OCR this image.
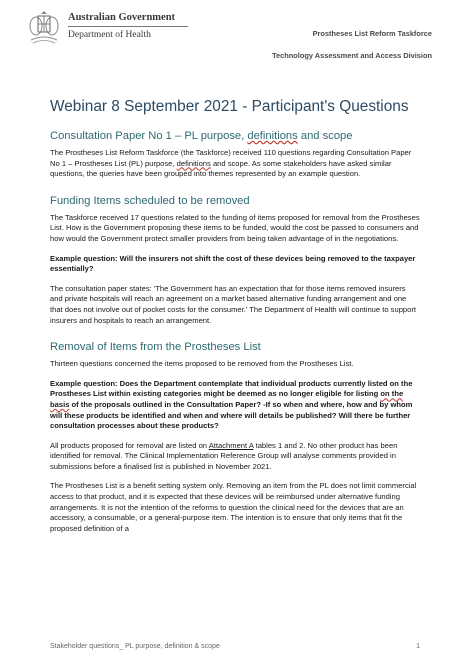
Australian Government
Department of Health	Prostheses List Reform Taskforce
Technology Assessment and Access Division
Webinar 8 September 2021 - Participant's Questions
Consultation Paper No 1 – PL purpose, definitions and scope

The Prostheses List Reform Taskforce (the Taskforce) received 110 questions regarding Consultation Paper No 1 – Prostheses List (PL) purpose, definitions and scope. As some stakeholders have asked similar questions, the queries have been grouped into themes represented by an example question.

Funding Items scheduled to be removed

The Taskforce received 17 questions related to the funding of items proposed for removal from the Prostheses List. How is the Government proposing these items to be funded, would the cost be passed to consumers and how would the Government protect smaller providers from being taken advantage of in the negotiations.

Example question: Will the insurers not shift the cost of these devices being removed to the taxpayer essentially?

The consultation paper states: 'The Government has an expectation that for those items removed insurers and private hospitals will reach an agreement on a market based alternative funding arrangement and one that does not involve out of pocket costs for the consumer.' The Department of Health will continue to support insurers and hospitals to reach an arrangement.

Removal of Items from the Prostheses List

Thirteen questions concerned the items proposed to be removed from the Prostheses List.

Example question: Does the Department contemplate that individual products currently listed on the Prostheses List within existing categories might be deemed as no longer eligible for listing on the basis of the proposals outlined in the Consultation Paper? -If so when and where, how and by whom will these products be identified and when and where will details be published? Will there be further consultation processes about these products?

All products proposed for removal are listed on Attachment A tables 1 and 2. No other product has been identified for removal. The Clinical Implementation Reference Group will analyse comments provided in submissions before a finalised list is published in November 2021.

The Prostheses List is a benefit setting system only. Removing an item from the PL does not limit commercial access to that product, and it is expected that these devices will be reimbursed under alternative funding arrangements. It is not the intention of the reforms to question the clinical need for the devices that are an accessory, a consumable, or a general-purpose item. The intention is to ensure that only items that fit the proposed definition of a

Stakeholder questions_ PL purpose, definition & scope	1
